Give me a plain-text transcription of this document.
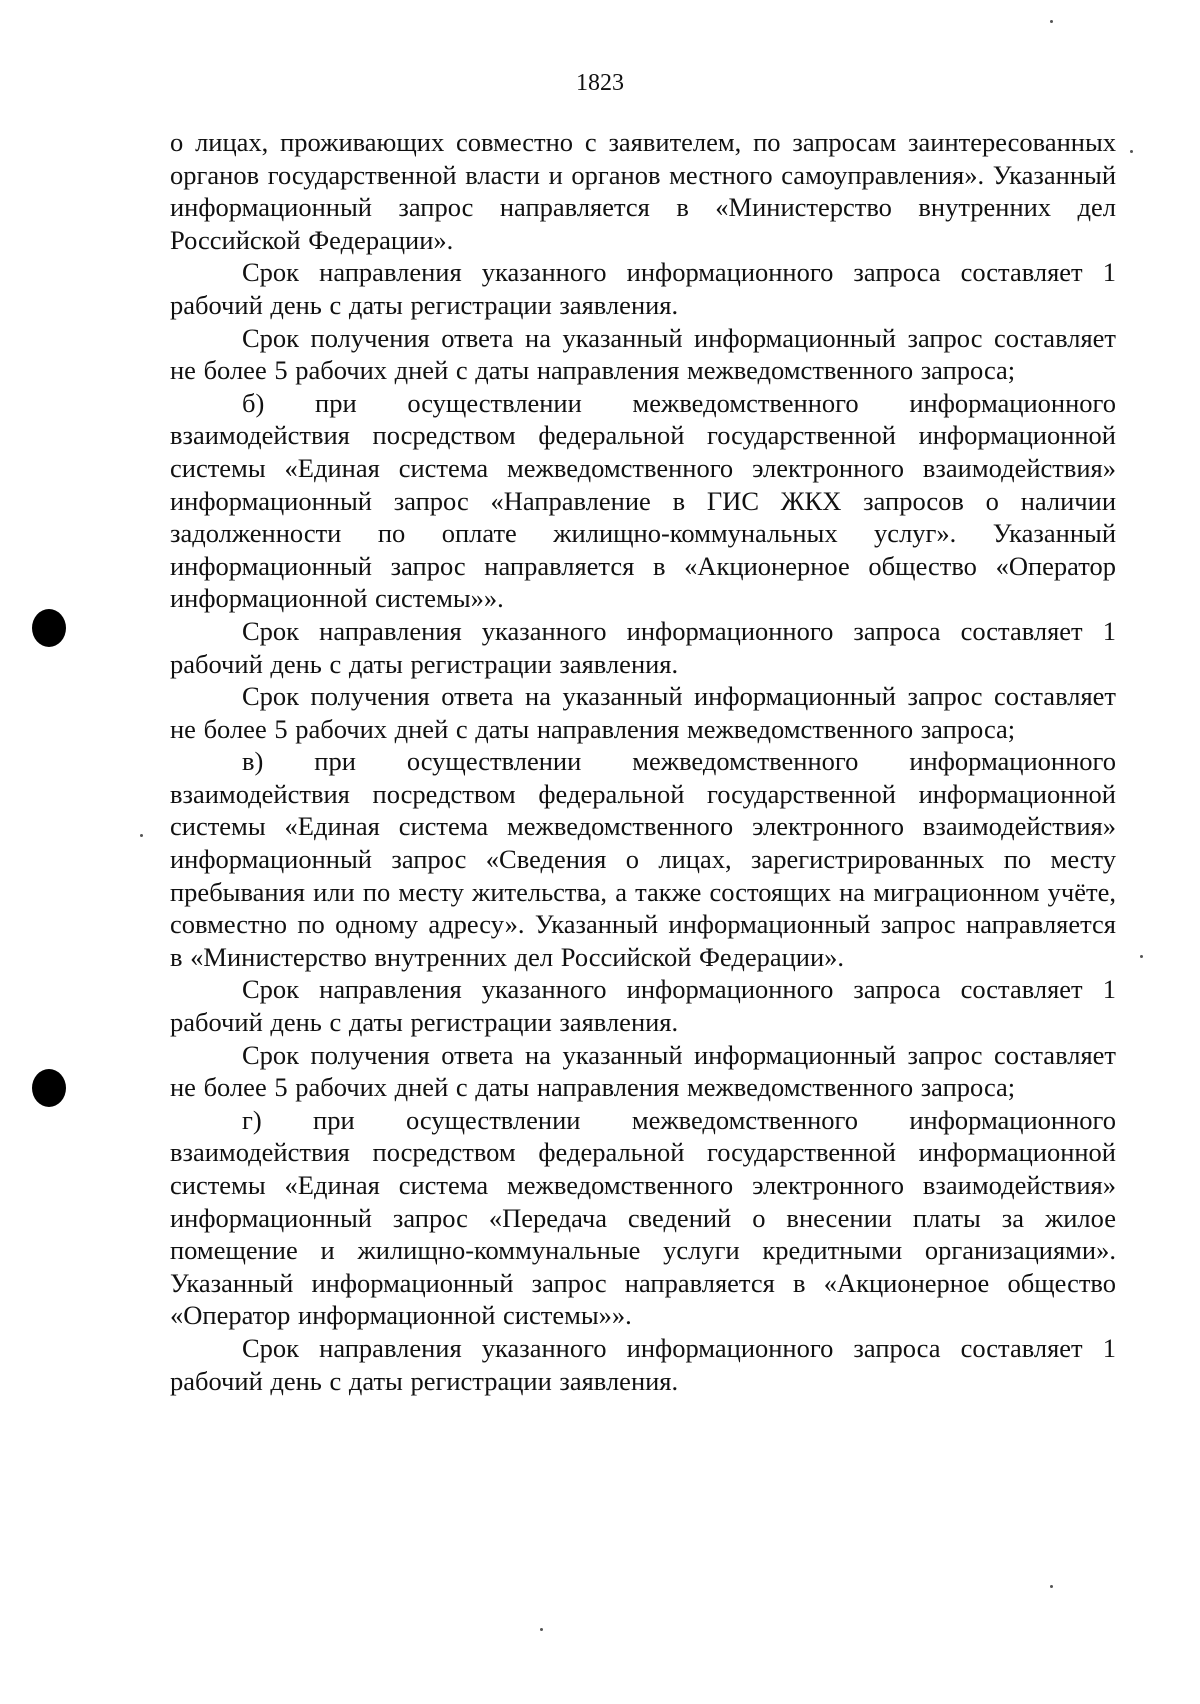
1823

о лицах, проживающих совместно с заявителем, по запросам заинтересованных органов государственной власти и органов местного самоуправления». Указанный информационный запрос направляется в «Министерство внутренних дел Российской Федерации».

Срок направления указанного информационного запроса составляет 1 рабочий день с даты регистрации заявления.

Срок получения ответа на указанный информационный запрос составляет не более 5 рабочих дней с даты направления межведомственного запроса;

б) при осуществлении межведомственного информационного взаимодействия посредством федеральной государственной информационной системы «Единая система межведомственного электронного взаимодействия» информационный запрос «Направление в ГИС ЖКХ запросов о наличии задолженности по оплате жилищно-коммунальных услуг». Указанный информационный запрос направляется в «Акционерное общество «Оператор информационной системы»».

Срок направления указанного информационного запроса составляет 1 рабочий день с даты регистрации заявления.

Срок получения ответа на указанный информационный запрос составляет не более 5 рабочих дней с даты направления межведомственного запроса;

в) при осуществлении межведомственного информационного взаимодействия посредством федеральной государственной информационной системы «Единая система межведомственного электронного взаимодействия» информационный запрос «Сведения о лицах, зарегистрированных по месту пребывания или по месту жительства, а также состоящих на миграционном учёте, совместно по одному адресу». Указанный информационный запрос направляется в «Министерство внутренних дел Российской Федерации».

Срок направления указанного информационного запроса составляет 1 рабочий день с даты регистрации заявления.

Срок получения ответа на указанный информационный запрос составляет не более 5 рабочих дней с даты направления межведомственного запроса;

г) при осуществлении межведомственного информационного взаимодействия посредством федеральной государственной информационной системы «Единая система межведомственного электронного взаимодействия» информационный запрос «Передача сведений о внесении платы за жилое помещение и жилищно-коммунальные услуги кредитными организациями». Указанный информационный запрос направляется в «Акционерное общество «Оператор информационной системы»».

Срок направления указанного информационного запроса составляет 1 рабочий день с даты регистрации заявления.
